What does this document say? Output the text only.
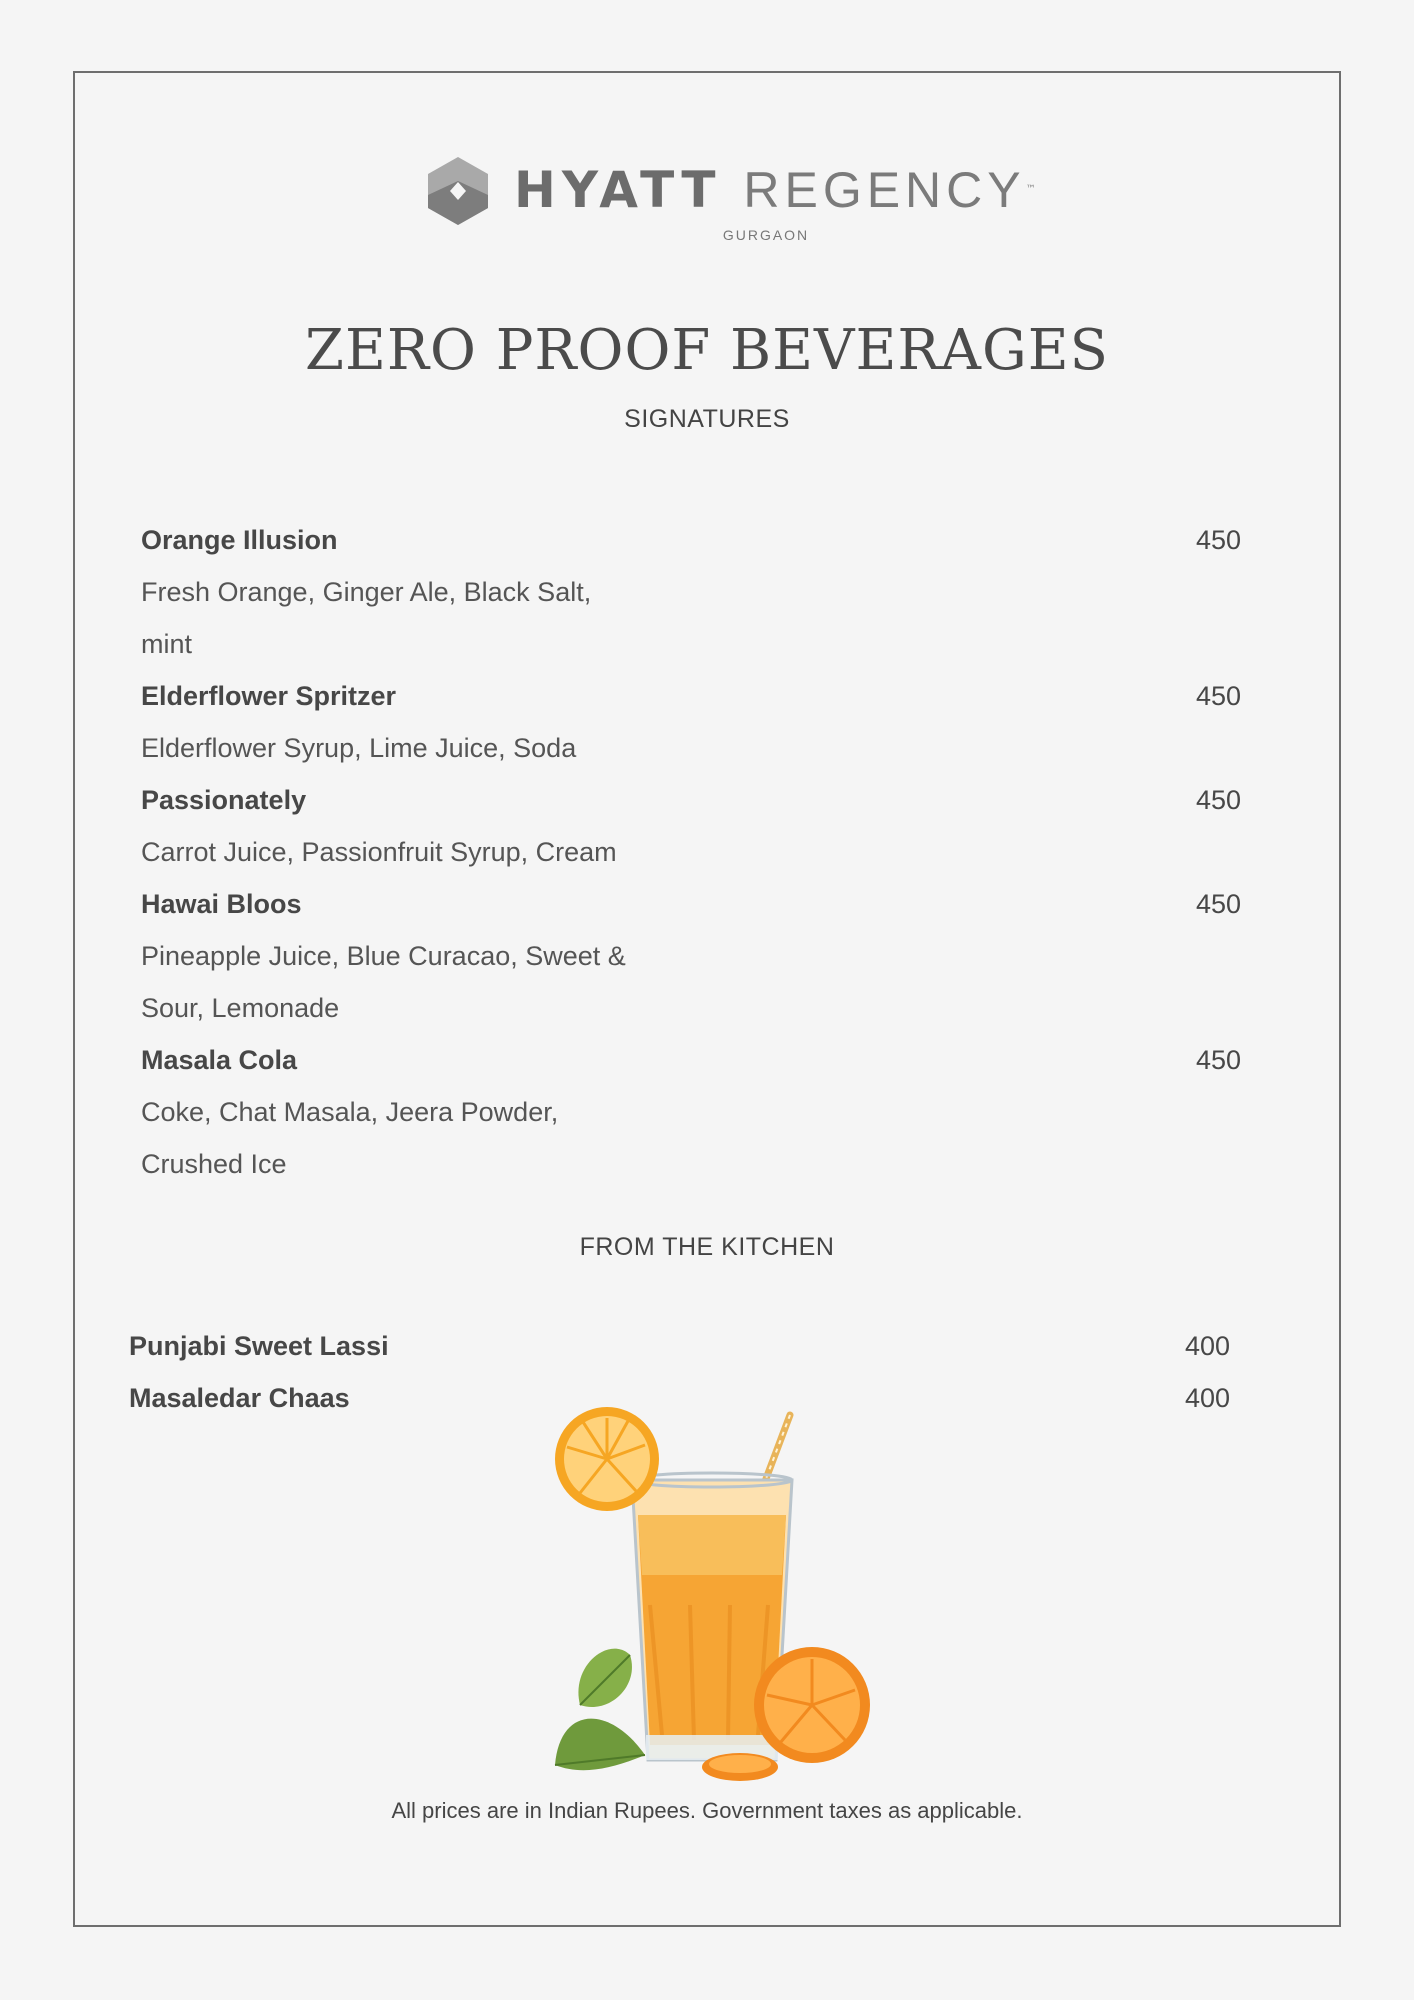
HYATT REGENCY™
GURGAON
ZERO PROOF BEVERAGES
SIGNATURES
Orange Illusion	450
Fresh Orange, Ginger Ale, Black Salt,
mint
Elderflower Spritzer	450
Elderflower Syrup, Lime Juice, Soda
Passionately	450
Carrot Juice, Passionfruit Syrup, Cream
Hawai Bloos	450
Pineapple Juice, Blue Curacao, Sweet &
Sour, Lemonade
Masala Cola	450
Coke, Chat Masala, Jeera Powder,
Crushed Ice
FROM THE KITCHEN
Punjabi Sweet Lassi	400
Masaledar Chaas	400
All prices are in Indian Rupees. Government taxes as applicable.
